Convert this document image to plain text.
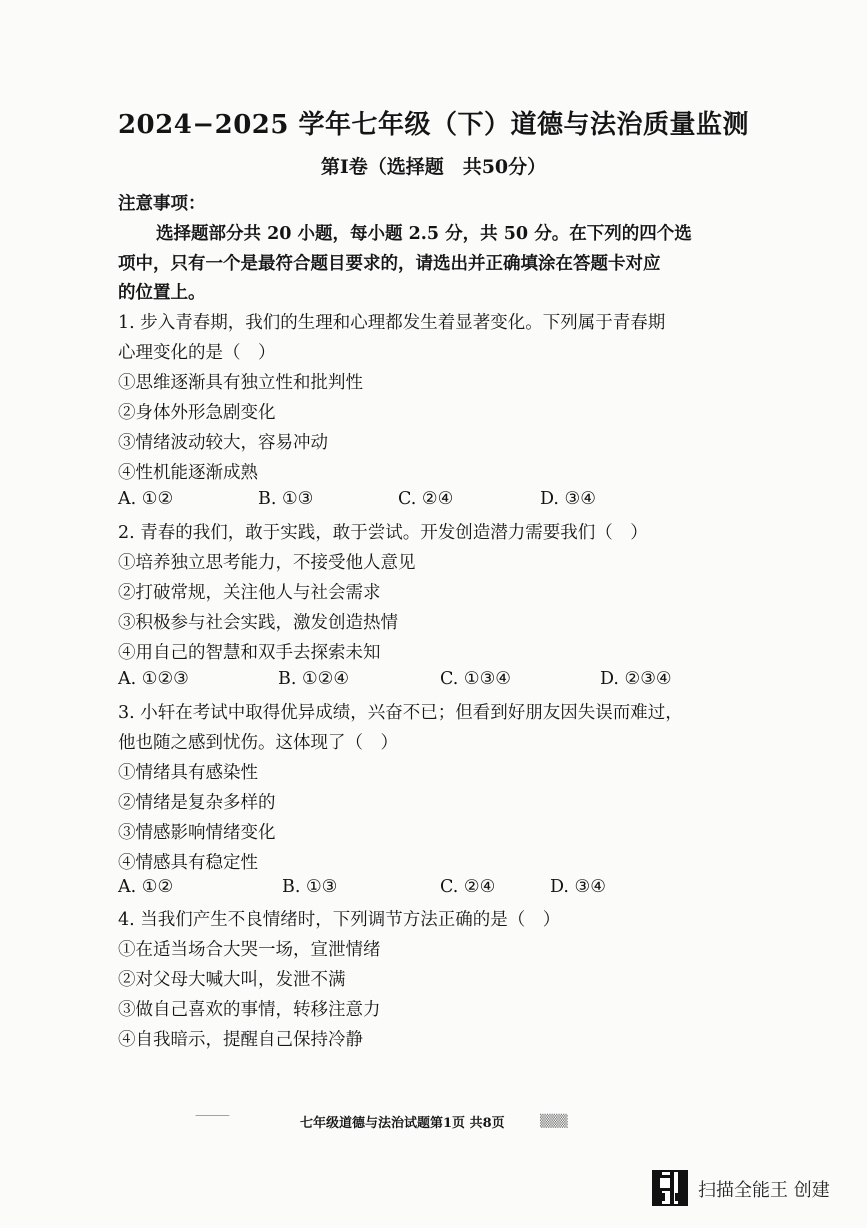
2024−2025 学年七年级（下）道德与法治质量监测
第Ⅰ卷（选择题　共50分）
注意事项：
选择题部分共 20 小题，每小题 2.5 分，共 50 分。在下列的四个选
项中，只有一个是最符合题目要求的，请选出并正确填涂在答题卡对应
的位置上。
1. 步入青春期，我们的生理和心理都发生着显著变化。下列属于青春期
心理变化的是（　）
①思维逐渐具有独立性和批判性
②身体外形急剧变化
③情绪波动较大，容易冲动
④性机能逐渐成熟
A. ①②	B. ①③	C. ②④	D. ③④
2. 青春的我们，敢于实践，敢于尝试。开发创造潜力需要我们（　）
①培养独立思考能力，不接受他人意见
②打破常规，关注他人与社会需求
③积极参与社会实践，激发创造热情
④用自己的智慧和双手去探索未知
A. ①②③	B. ①②④	C. ①③④	D. ②③④
3. 小轩在考试中取得优异成绩，兴奋不已；但看到好朋友因失误而难过，
他也随之感到忧伤。这体现了（　）
①情绪具有感染性
②情绪是复杂多样的
③情感影响情绪变化
④情感具有稳定性
A. ①②	B. ①③	C. ②④	D. ③④
4. 当我们产生不良情绪时，下列调节方法正确的是（　）
①在适当场合大哭一场，宣泄情绪
②对父母大喊大叫，发泄不满
③做自己喜欢的事情，转移注意力
④自我暗示，提醒自己保持冷静
⸻
七年级道德与法治试题第1页 共8页	▒▒▒
扫描全能王 创建
